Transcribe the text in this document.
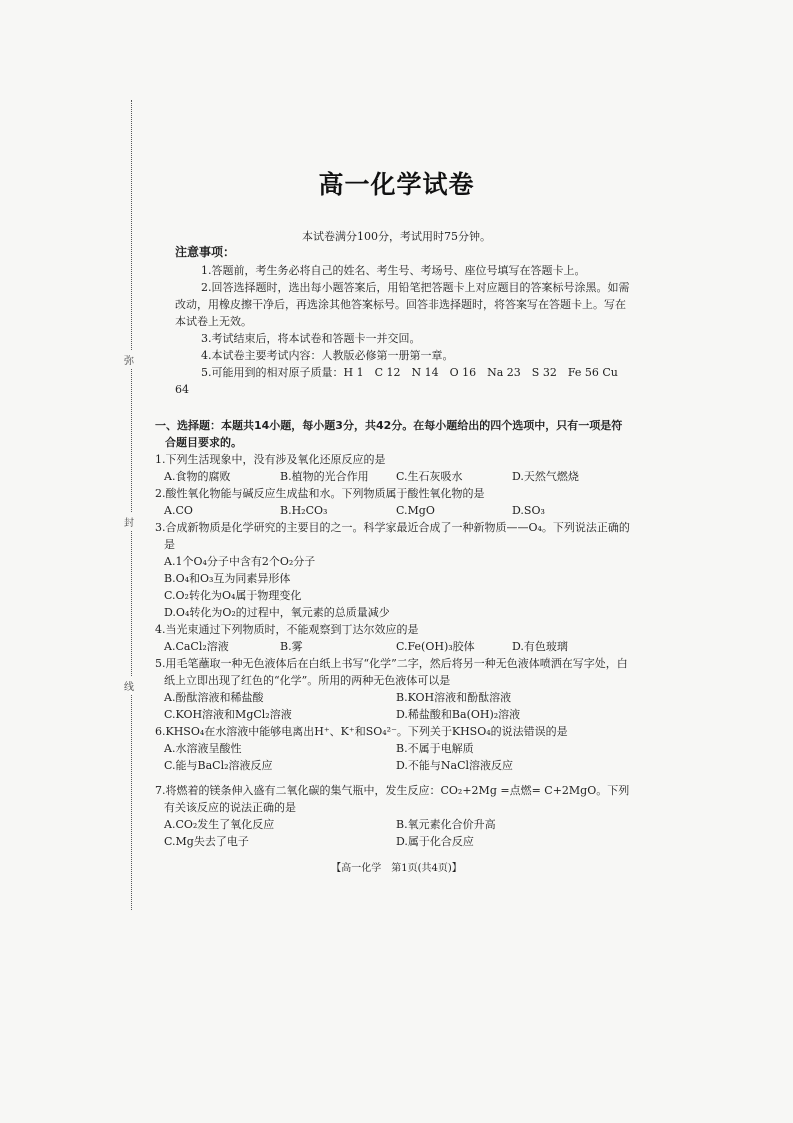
弥
封
线
高一化学试卷
本试卷满分100分，考试用时75分钟。
注意事项：
1.答题前，考生务必将自己的姓名、考生号、考场号、座位号填写在答题卡上。
2.回答选择题时，选出每小题答案后，用铅笔把答题卡上对应题目的答案标号涂黑。如需改动，用橡皮擦干净后，再选涂其他答案标号。回答非选择题时，将答案写在答题卡上。写在本试卷上无效。
3.考试结束后，将本试卷和答题卡一并交回。
4.本试卷主要考试内容：人教版必修第一册第一章。
5.可能用到的相对原子质量：H 1　C 12　N 14　O 16　Na 23　S 32　Fe 56 Cu 64
一、选择题：本题共14小题，每小题3分，共42分。在每小题给出的四个选项中，只有一项是符合题目要求的。
1.下列生活现象中，没有涉及氧化还原反应的是
A.食物的腐败	B.植物的光合作用	C.生石灰吸水	D.天然气燃烧
2.酸性氧化物能与碱反应生成盐和水。下列物质属于酸性氧化物的是
A.CO	B.H₂CO₃	C.MgO	D.SO₃
3.合成新物质是化学研究的主要目的之一。科学家最近合成了一种新物质——O₄。下列说法正确的是
A.1个O₄分子中含有2个O₂分子
B.O₄和O₃互为同素异形体
C.O₂转化为O₄属于物理变化
D.O₄转化为O₂的过程中，氧元素的总质量减少
4.当光束通过下列物质时，不能观察到丁达尔效应的是
A.CaCl₂溶液	B.雾	C.Fe(OH)₃胶体	D.有色玻璃
5.用毛笔蘸取一种无色液体后在白纸上书写“化学”二字，然后将另一种无色液体喷洒在写字处，白纸上立即出现了红色的“化学”。所用的两种无色液体可以是
A.酚酞溶液和稀盐酸	B.KOH溶液和酚酞溶液
C.KOH溶液和MgCl₂溶液	D.稀盐酸和Ba(OH)₂溶液
6.KHSO₄在水溶液中能够电离出H⁺、K⁺和SO₄²⁻。下列关于KHSO₄的说法错误的是
A.水溶液呈酸性	B.不属于电解质
C.能与BaCl₂溶液反应	D.不能与NaCl溶液反应
7.将燃着的镁条伸入盛有二氧化碳的集气瓶中，发生反应：CO₂+2Mg =点燃= C+2MgO。下列有关该反应的说法正确的是
A.CO₂发生了氧化反应	B.氧元素化合价升高
C.Mg失去了电子	D.属于化合反应
【高一化学　第1页(共4页)】
